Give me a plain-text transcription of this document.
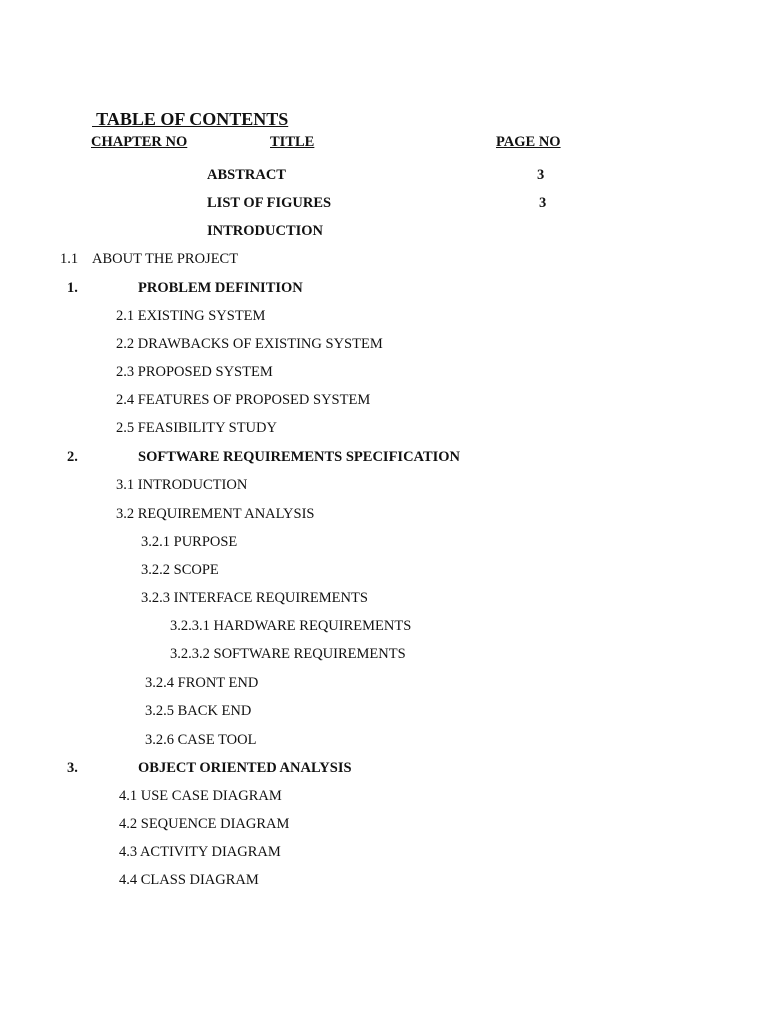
TABLE OF CONTENTS
CHAPTER NO	TITLE	PAGE NO
ABSTRACT	3
LIST OF FIGURES	3
INTRODUCTION
1.1 ABOUT THE PROJECT
1.	PROBLEM DEFINITION
2.1 EXISTING SYSTEM
2.2 DRAWBACKS OF EXISTING SYSTEM
2.3 PROPOSED SYSTEM
2.4 FEATURES OF PROPOSED SYSTEM
2.5 FEASIBILITY STUDY
2.	SOFTWARE REQUIREMENTS SPECIFICATION
3.1 INTRODUCTION
3.2 REQUIREMENT ANALYSIS
3.2.1 PURPOSE
3.2.2 SCOPE
3.2.3 INTERFACE REQUIREMENTS
3.2.3.1 HARDWARE REQUIREMENTS
3.2.3.2 SOFTWARE REQUIREMENTS
3.2.4 FRONT END
3.2.5 BACK END
3.2.6 CASE TOOL
3.	OBJECT ORIENTED ANALYSIS
4.1 USE CASE DIAGRAM
4.2 SEQUENCE DIAGRAM
4.3 ACTIVITY DIAGRAM
4.4 CLASS DIAGRAM
